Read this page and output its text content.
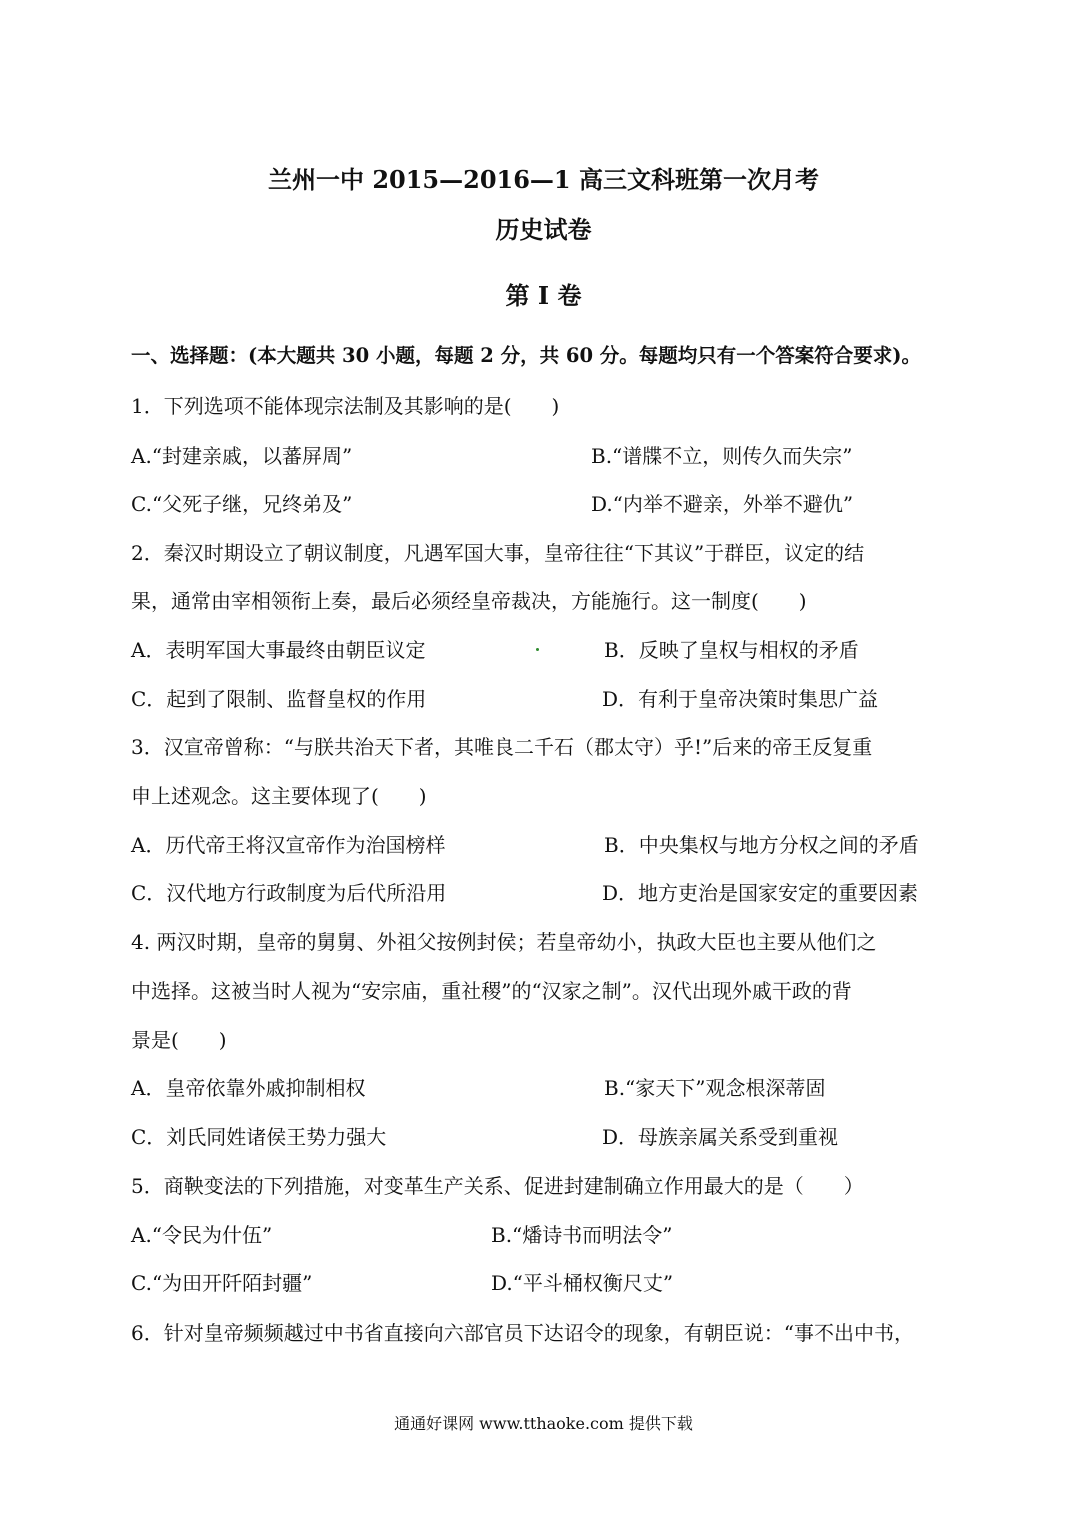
兰州一中 2015—2016—1 高三文科班第一次月考
历史试卷
第 I 卷
一、选择题：(本大题共 30 小题，每题 2 分，共 60 分。每题均只有一个答案符合要求)。
1．下列选项不能体现宗法制及其影响的是(　　)
A.“封建亲戚，以蕃屏周”	B.“谱牒不立，则传久而失宗”
C.“父死子继，兄终弟及”	D.“内举不避亲，外举不避仇”
2．秦汉时期设立了朝议制度，凡遇军国大事，皇帝往往“下其议”于群臣，议定的结
果，通常由宰相领衔上奏，最后必须经皇帝裁决，方能施行。这一制度(　　)
A．表明军国大事最终由朝臣议定	B．反映了皇权与相权的矛盾
C．起到了限制、监督皇权的作用	D．有利于皇帝决策时集思广益
3．汉宣帝曾称：“与朕共治天下者，其唯良二千石（郡太守）乎!”后来的帝王反复重
申上述观念。这主要体现了(　　)
A．历代帝王将汉宣帝作为治国榜样	B．中央集权与地方分权之间的矛盾
C．汉代地方行政制度为后代所沿用	D．地方吏治是国家安定的重要因素
4. 两汉时期，皇帝的舅舅、外祖父按例封侯；若皇帝幼小，执政大臣也主要从他们之
中选择。这被当时人视为“安宗庙，重社稷”的“汉家之制”。汉代出现外戚干政的背
景是(　　)
A．皇帝依靠外戚抑制相权	B.“家天下”观念根深蒂固
C．刘氏同姓诸侯王势力强大	D．母族亲属关系受到重视
5．商鞅变法的下列措施，对变革生产关系、促进封建制确立作用最大的是（　　）
A.“令民为什伍”	B.“燔诗书而明法令”
C.“为田开阡陌封疆”	D.“平斗桶权衡尺丈”
6．针对皇帝频频越过中书省直接向六部官员下达诏令的现象，有朝臣说：“事不出中书，
通通好课网 www.tthaoke.com 提供下载
